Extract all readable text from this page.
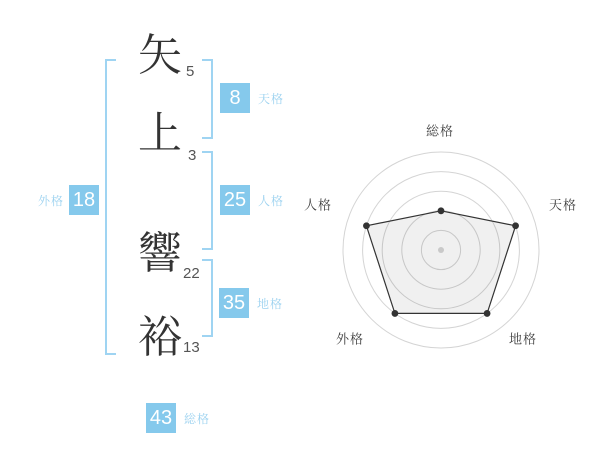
矢
上
響
裕
5
3
22
13
8	天格
25 人格
35 地格
外格 18
43 総格
総格
天格
地格
外格
人格
